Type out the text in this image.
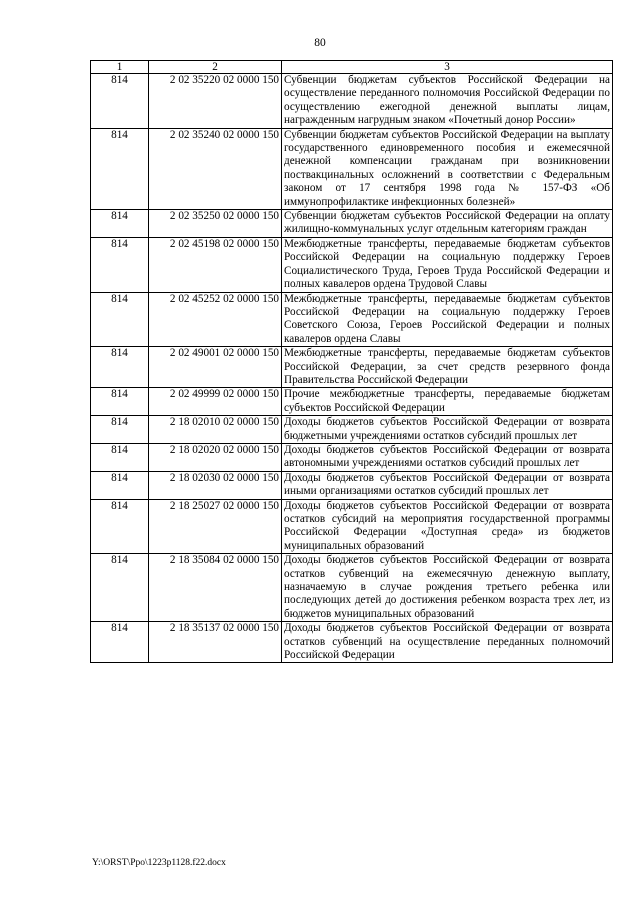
80
1	2	3
814	2 02 35220 02 0000 150	Субвенции бюджетам субъектов Российской Федерации на осуществление переданного полномочия Российской Федерации по осуществлению ежегодной денежной выплаты лицам, награжденным нагрудным знаком «Почетный донор России»
814	2 02 35240 02 0000 150	Субвенции бюджетам субъектов Российской Федерации на выплату государственного единовременного пособия и ежемесячной денежной компенсации гражданам при возникновении поствакцинальных осложнений в соответствии с Федеральным законом от 17 сентября 1998 года № 157-ФЗ «Об иммунопрофилактике инфекционных болезней»
814	2 02 35250 02 0000 150	Субвенции бюджетам субъектов Российской Федерации на оплату жилищно-коммунальных услуг отдельным категориям граждан
814	2 02 45198 02 0000 150	Межбюджетные трансферты, передаваемые бюджетам субъектов Российской Федерации на социальную поддержку Героев Социалистического Труда, Героев Труда Российской Федерации и полных кавалеров ордена Трудовой Славы
814	2 02 45252 02 0000 150	Межбюджетные трансферты, передаваемые бюджетам субъектов Российской Федерации на социальную поддержку Героев Советского Союза, Героев Российской Федерации и полных кавалеров ордена Славы
814	2 02 49001 02 0000 150	Межбюджетные трансферты, передаваемые бюджетам субъектов Российской Федерации, за счет средств резервного фонда Правительства Российской Федерации
814	2 02 49999 02 0000 150	Прочие межбюджетные трансферты, передаваемые бюджетам субъектов Российской Федерации
814	2 18 02010 02 0000 150	Доходы бюджетов субъектов Российской Федерации от возврата бюджетными учреждениями остатков субсидий прошлых лет
814	2 18 02020 02 0000 150	Доходы бюджетов субъектов Российской Федерации от возврата автономными учреждениями остатков субсидий прошлых лет
814	2 18 02030 02 0000 150	Доходы бюджетов субъектов Российской Федерации от возврата иными организациями остатков субсидий прошлых лет
814	2 18 25027 02 0000 150	Доходы бюджетов субъектов Российской Федерации от возврата остатков субсидий на мероприятия государственной программы Российской Федерации «Доступная среда» из бюджетов муниципальных образований
814	2 18 35084 02 0000 150	Доходы бюджетов субъектов Российской Федерации от возврата остатков субвенций на ежемесячную денежную выплату, назначаемую в случае рождения третьего ребенка или последующих детей до достижения ребенком возраста трех лет, из бюджетов муниципальных образований
814	2 18 35137 02 0000 150	Доходы бюджетов субъектов Российской Федерации от возврата остатков субвенций на осуществление переданных полномочий Российской Федерации
Y:\ORST\Ppo\1223p1128.f22.docx
